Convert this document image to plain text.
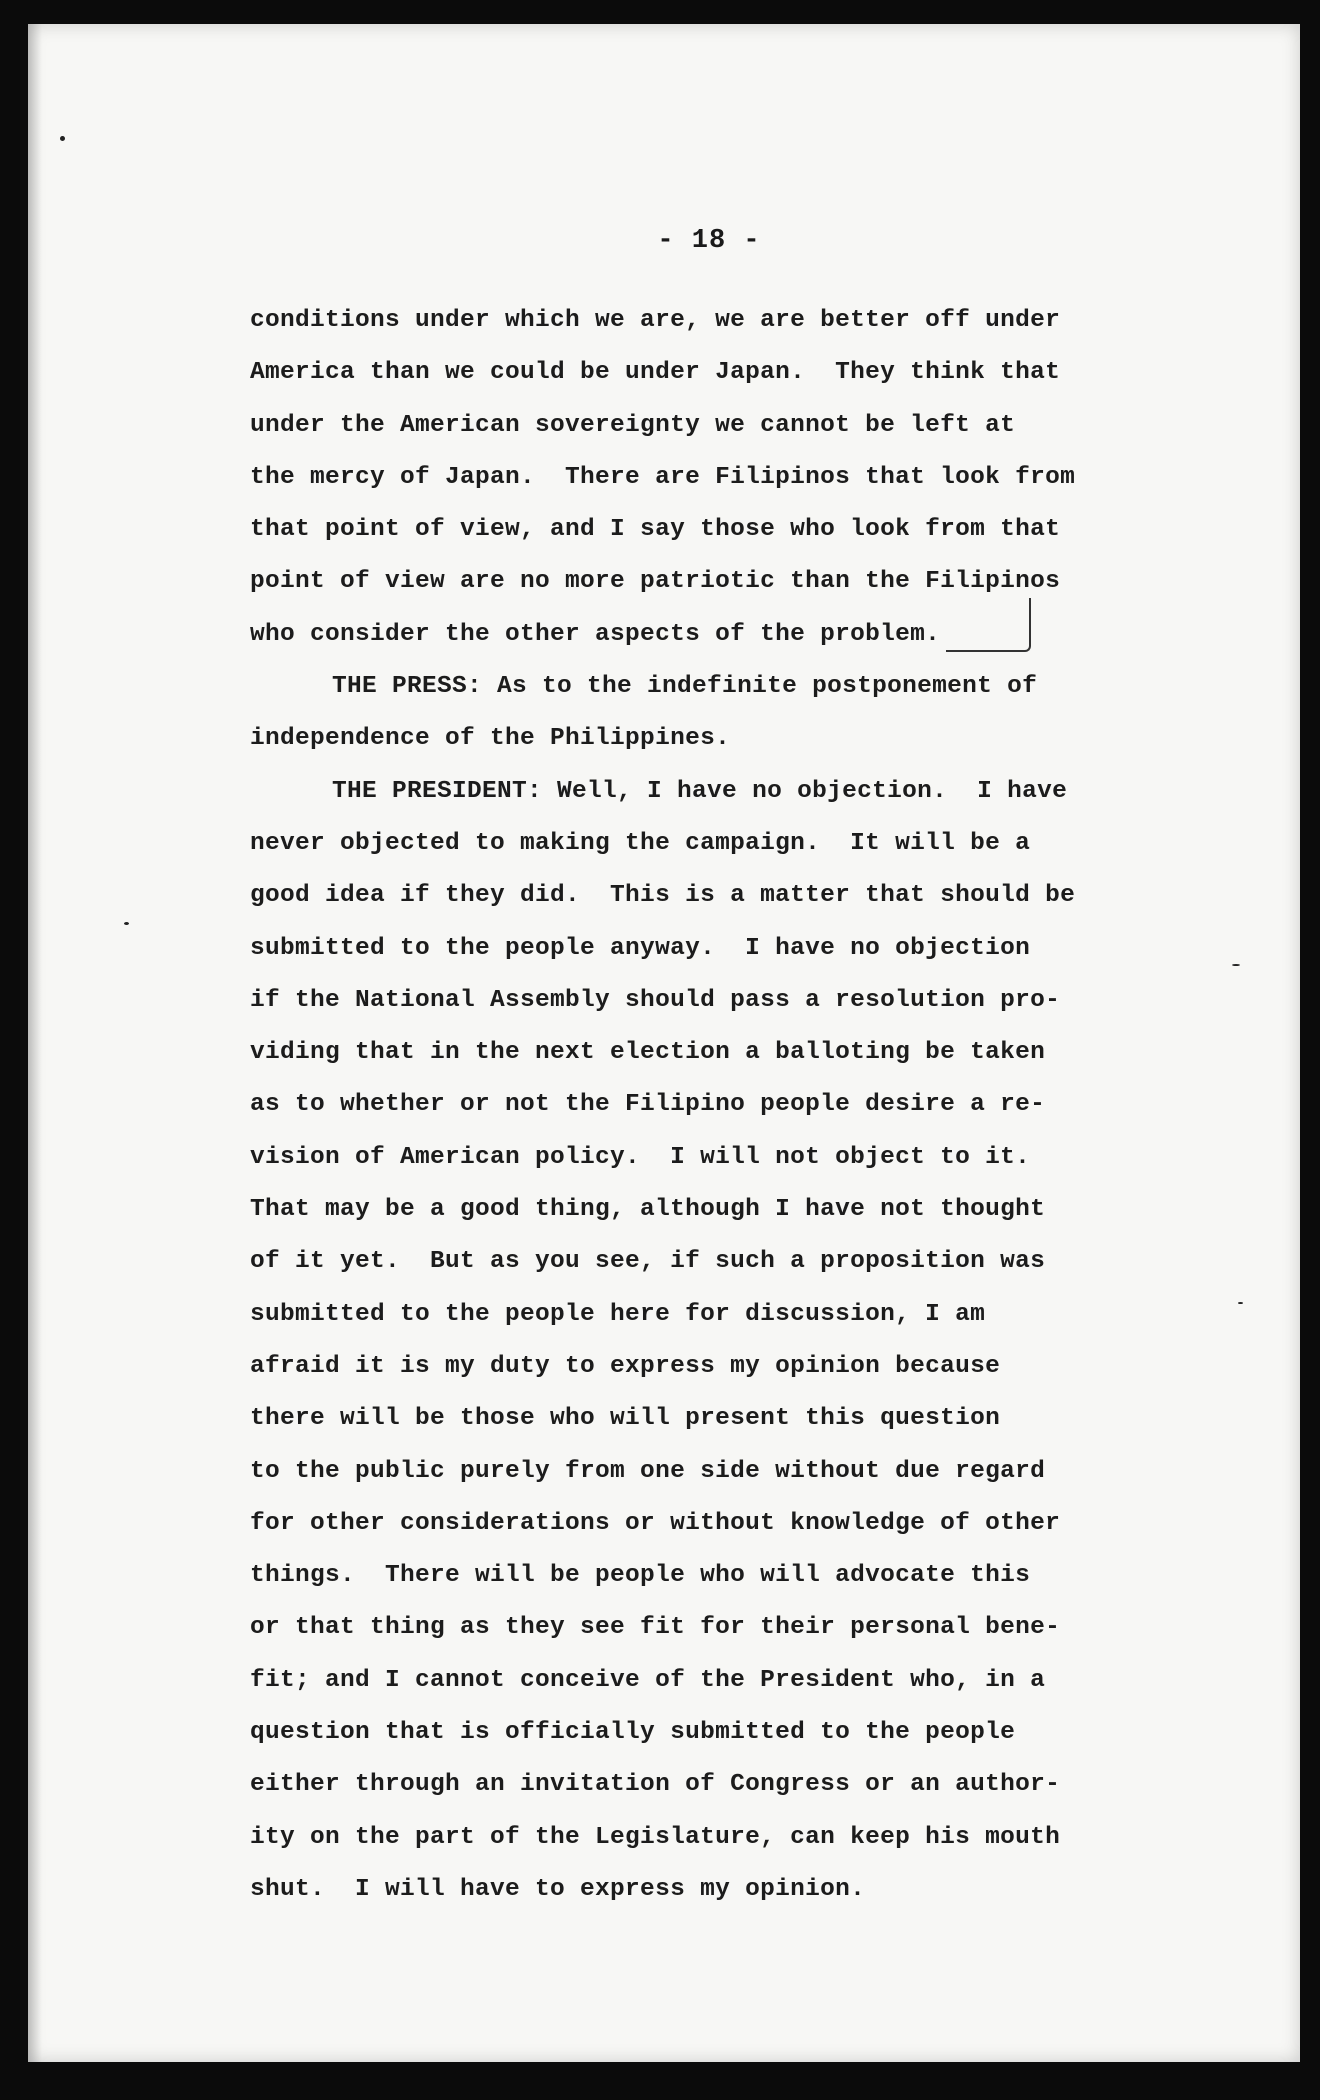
- 18 -
conditions under which we are, we are better off under
America than we could be under Japan.  They think that
under the American sovereignty we cannot be left at
the mercy of Japan.  There are Filipinos that look from
that point of view, and I say those who look from that
point of view are no more patriotic than the Filipinos
who consider the other aspects of the problem.
THE PRESS: As to the indefinite postponement of
independence of the Philippines.
THE PRESIDENT: Well, I have no objection.  I have
never objected to making the campaign.  It will be a
good idea if they did.  This is a matter that should be
submitted to the people anyway.  I have no objection
if the National Assembly should pass a resolution pro-
viding that in the next election a balloting be taken
as to whether or not the Filipino people desire a re-
vision of American policy.  I will not object to it.
That may be a good thing, although I have not thought
of it yet.  But as you see, if such a proposition was
submitted to the people here for discussion, I am
afraid it is my duty to express my opinion because
there will be those who will present this question
to the public purely from one side without due regard
for other considerations or without knowledge of other
things.  There will be people who will advocate this
or that thing as they see fit for their personal bene-
fit; and I cannot conceive of the President who, in a
question that is officially submitted to the people
either through an invitation of Congress or an author-
ity on the part of the Legislature, can keep his mouth
shut.  I will have to express my opinion.
